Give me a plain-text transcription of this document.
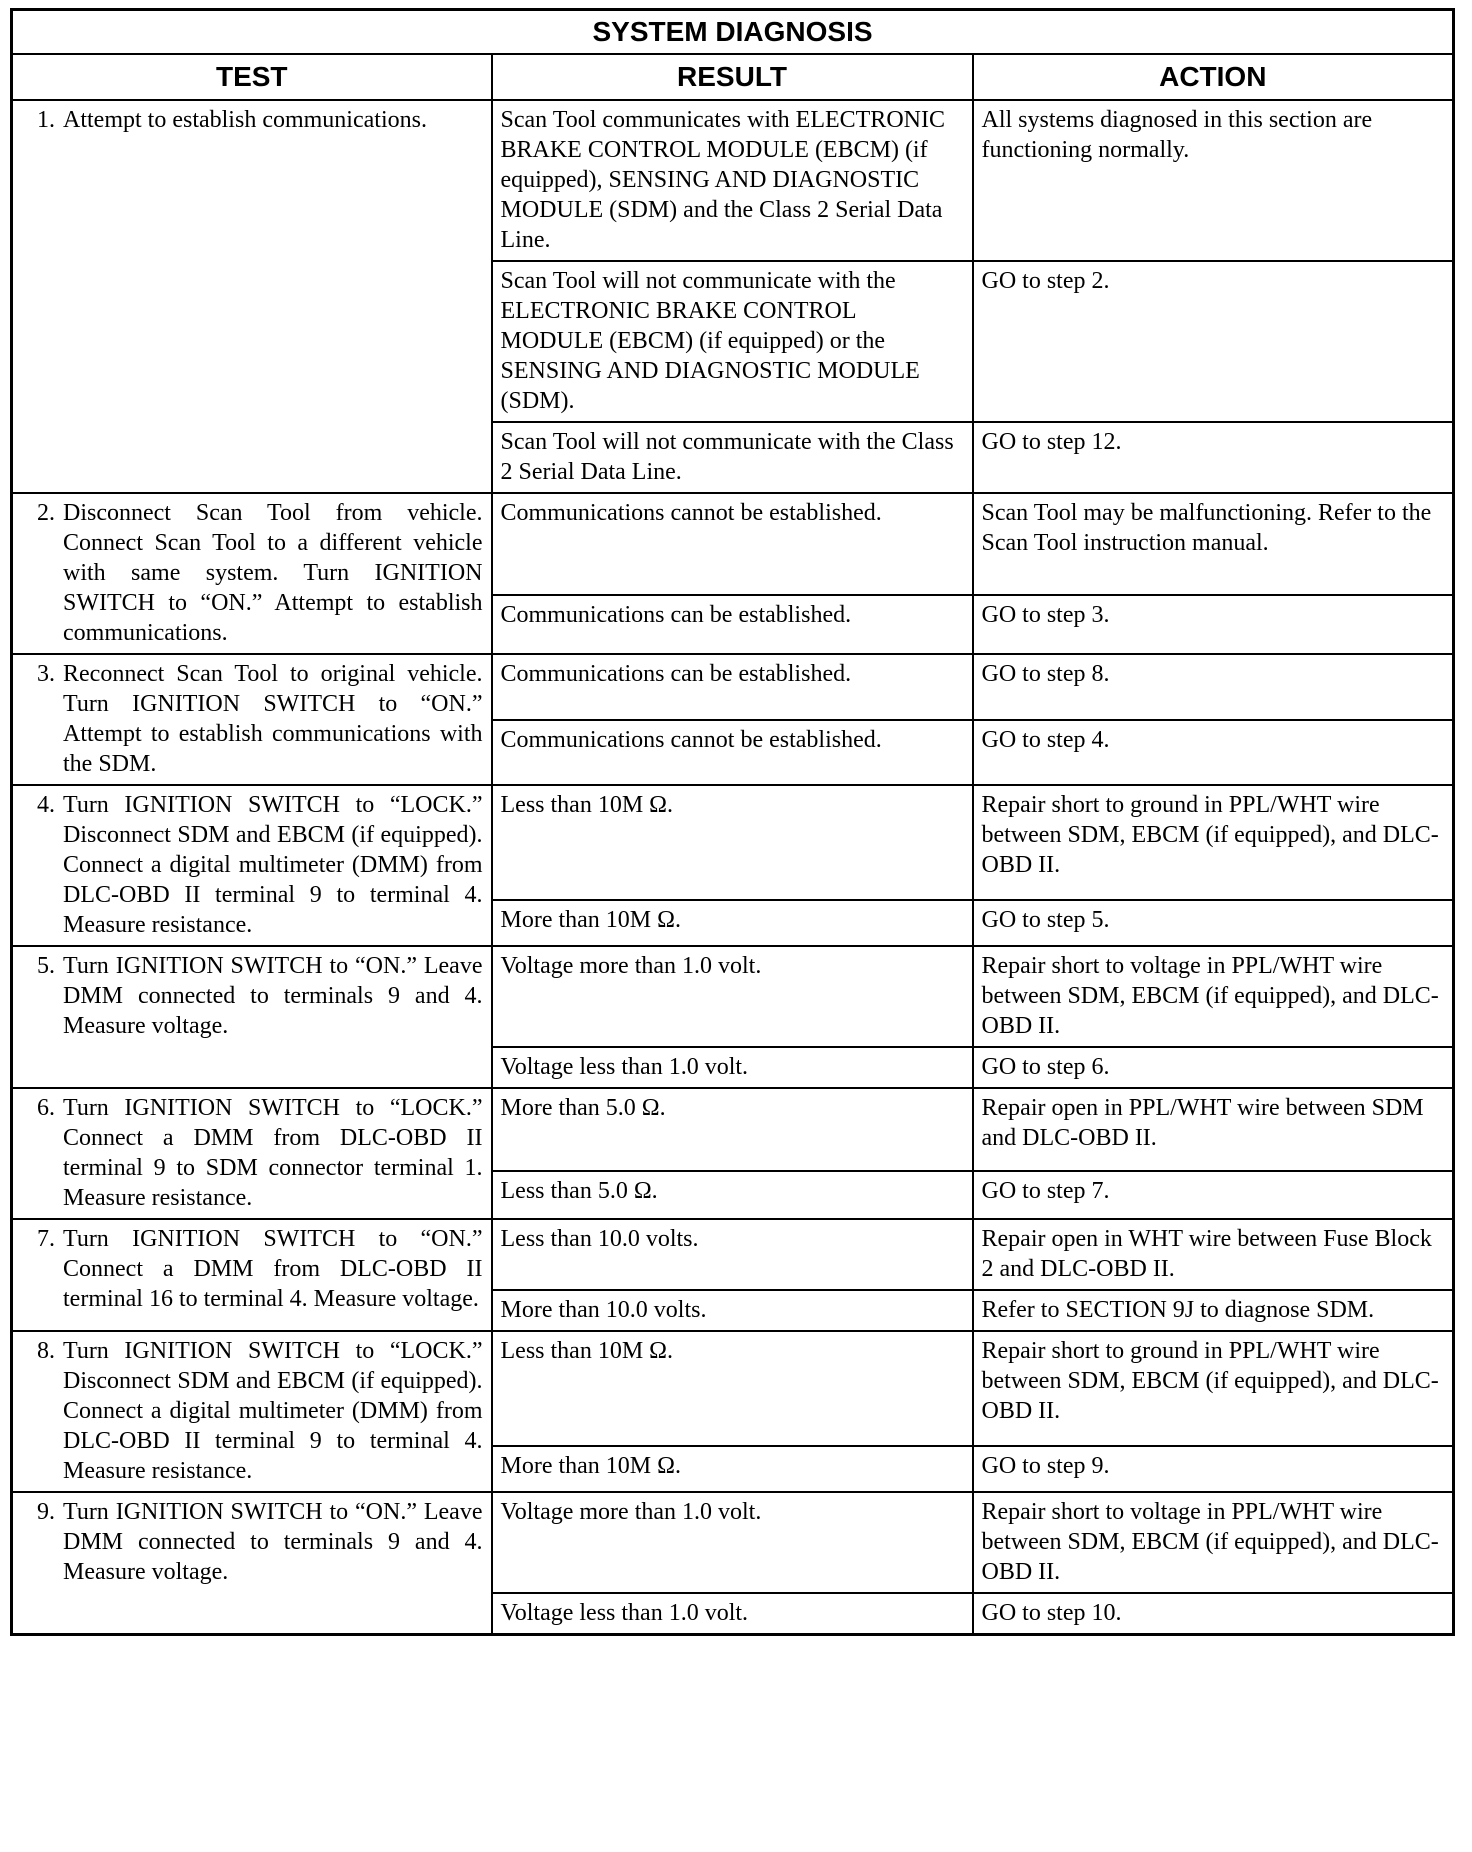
SYSTEM DIAGNOSIS		
TEST	RESULT	ACTION

1. Attempt to establish communications.	Scan Tool communicates with ELECTRONIC BRAKE CONTROL MODULE (EBCM) (if equipped), SENSING AND DIAGNOSTIC MODULE (SDM) and the Class 2 Serial Data Line.	All systems diagnosed in this section are functioning normally.
	Scan Tool will not communicate with the ELECTRONIC BRAKE CONTROL MODULE (EBCM) (if equipped) or the SENSING AND DIAGNOSTIC MODULE (SDM).	GO to step 2.
	Scan Tool will not communicate with the Class 2 Serial Data Line.	GO to step 12.

2. Disconnect Scan Tool from vehicle. Connect Scan Tool to a different vehicle with same system. Turn IGNITION SWITCH to “ON.” Attempt to establish communications.	Communications cannot be established.	Scan Tool may be malfunctioning. Refer to the Scan Tool instruction manual.
	Communications can be established.	GO to step 3.

3. Reconnect Scan Tool to original vehicle. Turn IGNITION SWITCH to “ON.” Attempt to establish communications with the SDM.	Communications can be established.	GO to step 8.
	Communications cannot be established.	GO to step 4.

4. Turn IGNITION SWITCH to “LOCK.” Disconnect SDM and EBCM (if equipped). Connect a digital multimeter (DMM) from DLC-OBD II terminal 9 to terminal 4. Measure resistance.	Less than 10M Ω.	Repair short to ground in PPL/WHT wire between SDM, EBCM (if equipped), and DLC-OBD II.
	More than 10M Ω.	GO to step 5.

5. Turn IGNITION SWITCH to “ON.” Leave DMM connected to terminals 9 and 4. Measure voltage.	Voltage more than 1.0 volt.	Repair short to voltage in PPL/WHT wire between SDM, EBCM (if equipped), and DLC-OBD II.
	Voltage less than 1.0 volt.	GO to step 6.

6. Turn IGNITION SWITCH to “LOCK.” Connect a DMM from DLC-OBD II terminal 9 to SDM connector terminal 1. Measure resistance.	More than 5.0 Ω.	Repair open in PPL/WHT wire between SDM and DLC-OBD II.
	Less than 5.0 Ω.	GO to step 7.

7. Turn IGNITION SWITCH to “ON.” Connect a DMM from DLC-OBD II terminal 16 to terminal 4. Measure voltage.	Less than 10.0 volts.	Repair open in WHT wire between Fuse Block 2 and DLC-OBD II.
	More than 10.0 volts.	Refer to SECTION 9J to diagnose SDM.

8. Turn IGNITION SWITCH to “LOCK.” Disconnect SDM and EBCM (if equipped). Connect a digital multimeter (DMM) from DLC-OBD II terminal 9 to terminal 4. Measure resistance.	Less than 10M Ω.	Repair short to ground in PPL/WHT wire between SDM, EBCM (if equipped), and DLC-OBD II.
	More than 10M Ω.	GO to step 9.

9. Turn IGNITION SWITCH to “ON.” Leave DMM connected to terminals 9 and 4. Measure voltage.	Voltage more than 1.0 volt.	Repair short to voltage in PPL/WHT wire between SDM, EBCM (if equipped), and DLC-OBD II.
	Voltage less than 1.0 volt.	GO to step 10.
